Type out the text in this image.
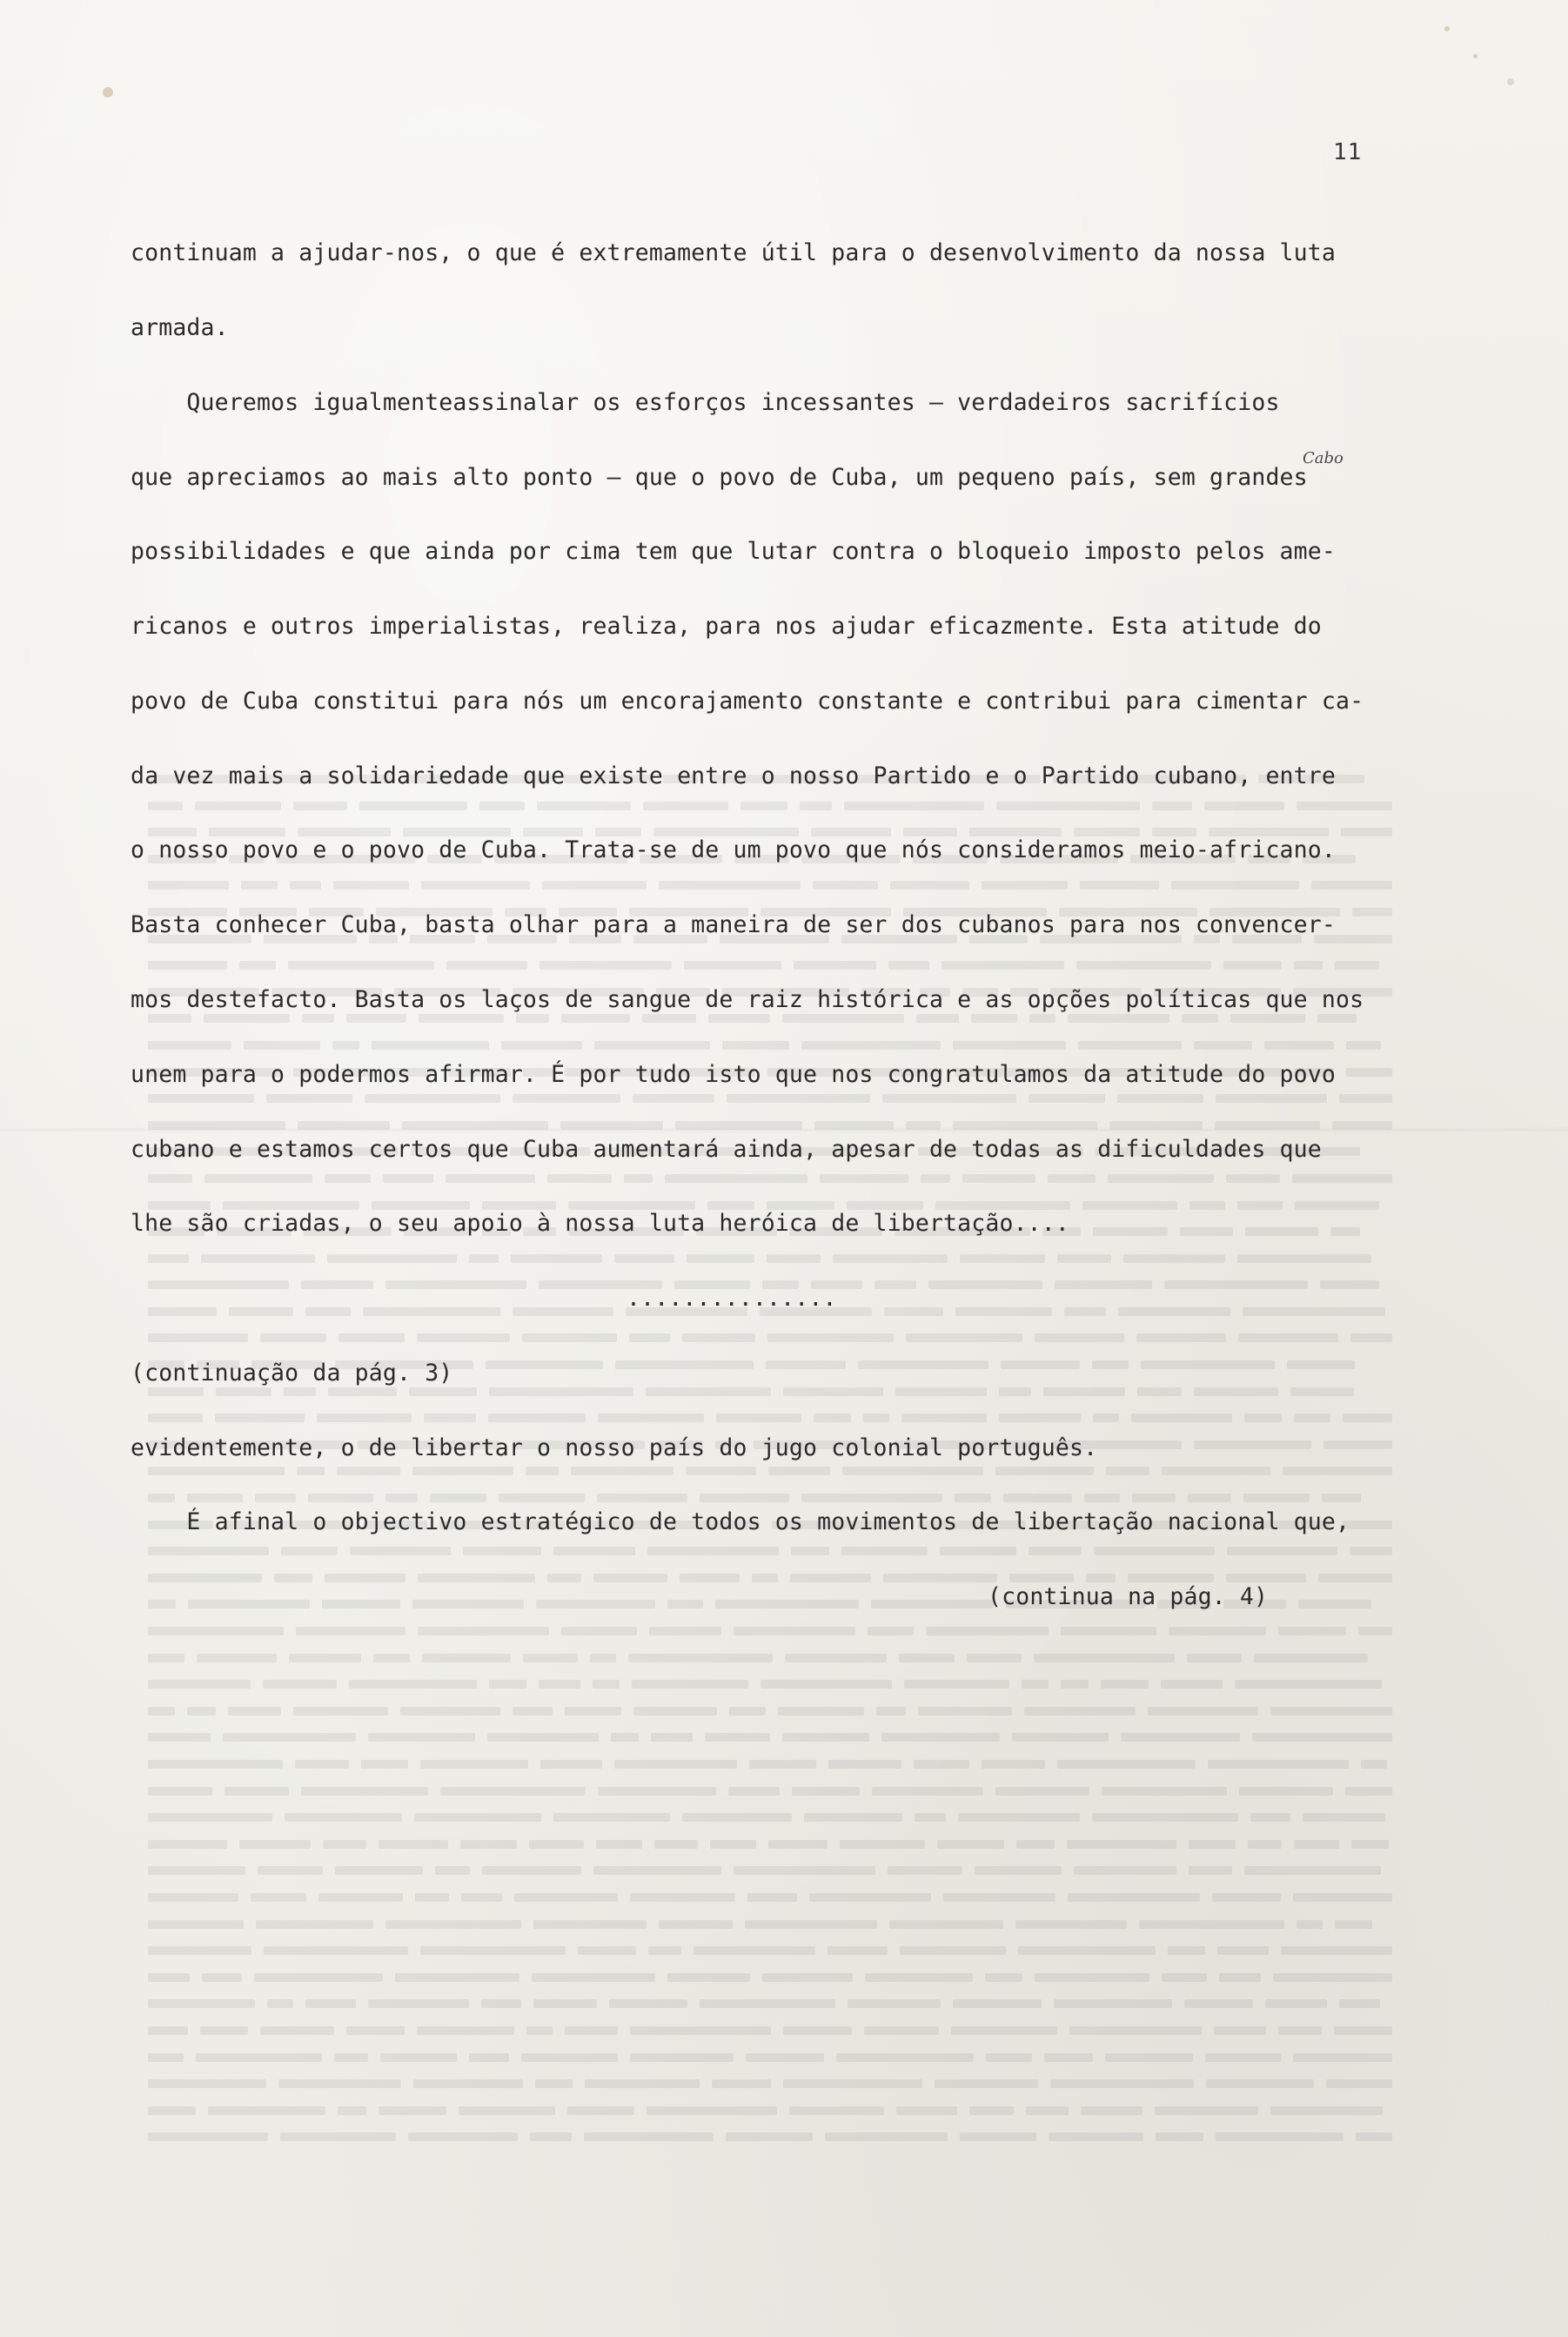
11
Cabo

continuam a ajudar-nos, o que é extremamente útil para o desenvolvimento da nossa luta

armada.

Queremos igualmenteassinalar os esforços incessantes — verdadeiros sacrifícios

que apreciamos ao mais alto ponto — que o povo de Cuba, um pequeno país, sem grandes

possibilidades e que ainda por cima tem que lutar contra o bloqueio imposto pelos ame-

ricanos e outros imperialistas, realiza, para nos ajudar eficazmente. Esta atitude do

povo de Cuba constitui para nós um encorajamento constante e contribui para cimentar ca-

da vez mais a solidariedade que existe entre o nosso Partido e o Partido cubano, entre

o nosso povo e o povo de Cuba. Trata-se de um povo que nós consideramos meio-africano.

Basta conhecer Cuba, basta olhar para a maneira de ser dos cubanos para nos convencer-

mos destefacto. Basta os laços de sangue de raiz histórica e as opções políticas que nos

unem para o podermos afirmar. É por tudo isto que nos congratulamos da atitude do povo

cubano e estamos certos que Cuba aumentará ainda, apesar de todas as dificuldades que

lhe são criadas, o seu apoio à nossa luta heróica de libertação....

...............

(continuação da pág. 3)

evidentemente, o de libertar o nosso país do jugo colonial português.

É afinal o objectivo estratégico de todos os movimentos de libertação nacional que,

(continua na pág. 4)
